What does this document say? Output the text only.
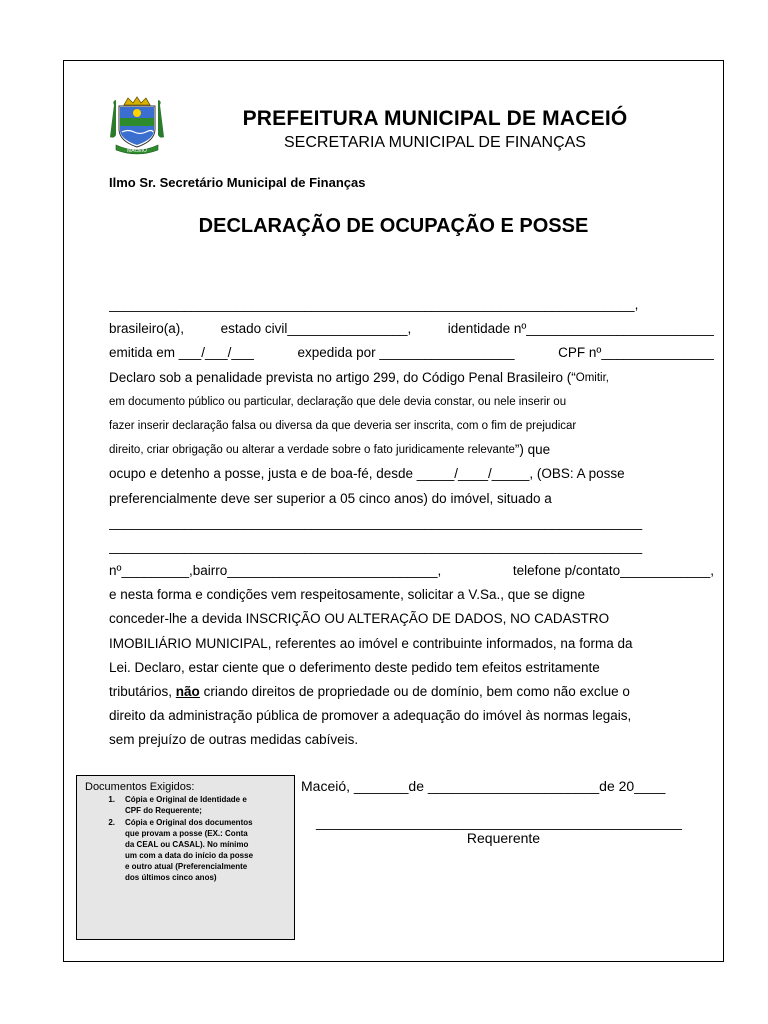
MACEIÓ
PREFEITURA MUNICIPAL DE MACEIÓ
SECRETARIA MUNICIPAL DE FINANÇAS
Ilmo Sr. Secretário Municipal de Finanças
DECLARAÇÃO DE OCUPAÇÃO E POSSE
______________________________________________________________________,
brasileiro(a),	estado civil________________,	identidade nº_________________________
emitida em ___/___/___	expedida por __________________	CPF nº_______________
Declaro sob a penalidade prevista no artigo 299, do Código Penal Brasileiro (“ Omitir,
em documento público ou particular, declaração que dele devia constar, ou nele inserir ou
fazer inserir declaração falsa ou diversa da que deveria ser inscrita, com o fim de prejudicar
direito, criar obrigação ou alterar a verdade sobre o fato juridicamente relevante ”) que
ocupo e detenho a posse, justa e de boa-fé, desde _____/____/_____, (OBS: A posse
preferencialmente deve ser superior a 05 cinco anos) do imóvel, situado a
_______________________________________________________________________
_______________________________________________________________________
nº_________,bairro____________________________,	telefone p/contato____________,
e nesta forma e condições vem respeitosamente, solicitar a V.Sa., que se digne
conceder-lhe a devida INSCRIÇÃO OU ALTERAÇÃO DE DADOS, NO CADASTRO
IMOBILIÁRIO MUNICIPAL, referentes ao imóvel e contribuinte informados, na forma da
Lei. Declaro, estar ciente que o deferimento deste pedido tem efeitos estritamente
tributários,
não
criando direitos de propriedade ou de domínio, bem como não exclue o
direito da administração pública de promover a adequação do imóvel às normas legais,
sem prejuízo de outras medidas cabíveis.
Documentos Exigidos:
1.	Cópia e Original de Identidade e CPF do Requerente;
2.	Cópia e Original dos documentos que provam a posse (EX.: Conta da CEAL ou CASAL). No mínimo um com a data do início da posse e outro atual (Preferencialmente dos últimos cinco anos)
Maceió, _______de ______________________de 20____
_______________________________________________
Requerente
